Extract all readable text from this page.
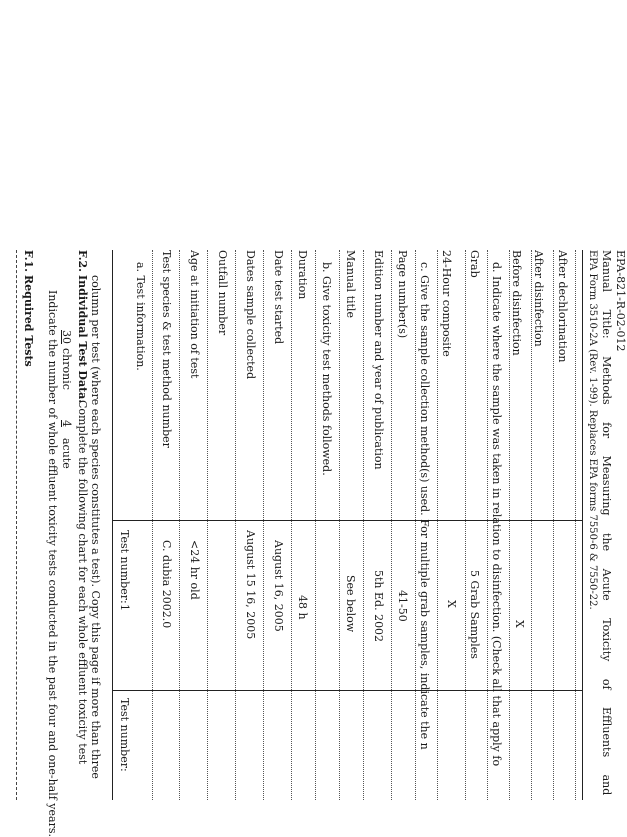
F.1.
Required Tests Indicate the number of whole effluent toxicity tests conducted in the past four and one-half years. 30
chronic
4
acute
F.2.
Individual Test Data.
Complete the following chart for each whole effluent toxicity test column per test (where each species constitutes a test). Copy this page if more than three Test number:
1
Test number:
a. Test information. Test species & test method number
C. dubia 2002.0
Age at initiation of test
<24 hr old
Outfall number Dates sample collected
August 15 16, 2005
Date test started
August 16, 2005
Duration
48 h
b. Give toxicity test methods followed. Manual title
See below
Edition number and year of publication
5th Ed. 2002
Page number(s)
41-50 c. Give the sample collection method(s) used. For multiple grab samples, indicate the n 24-Hour composite
X
Grab
5 Grab Samples d. Indicate where the sample was taken in relation to disinfection. (Check all that apply fo Before disinfection
X
After disinfection After dechlorination EPA Form 3510-2A (Rev. 1-99). Replaces EPA forms 7550-6 & 7550-22. Manual Title: Methods for Measuring the Acute Toxicity of Effluents and EPA-821-R-02-012
